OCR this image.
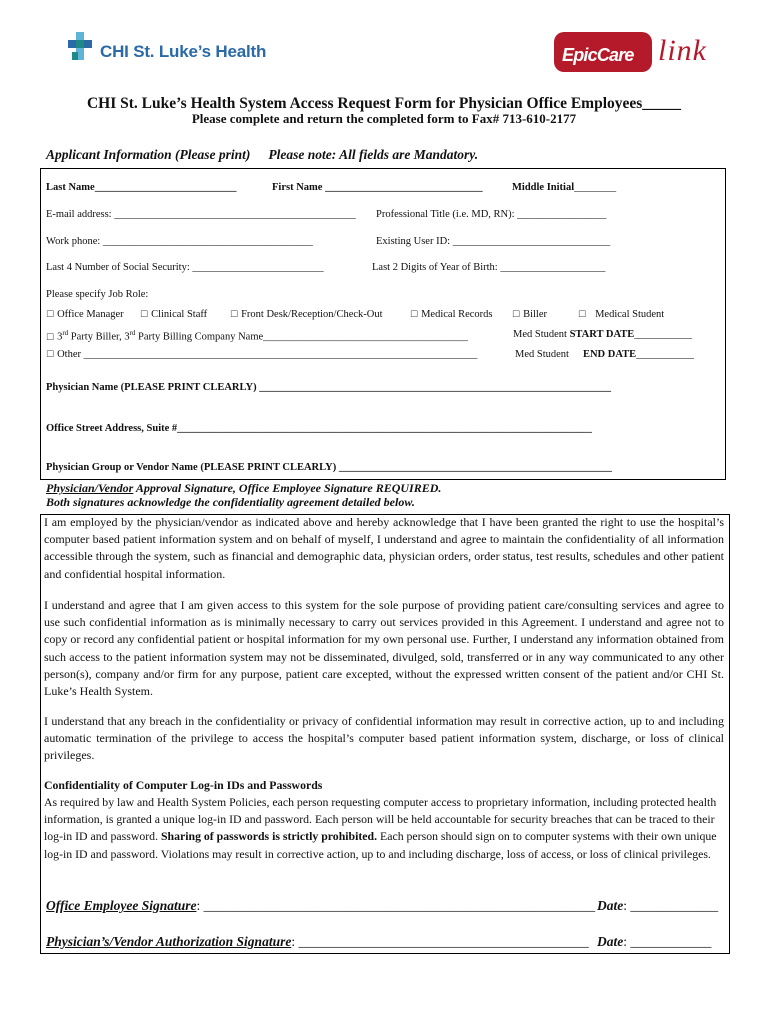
CHI St. Luke’s Health	EpicCare link
CHI St. Luke’s Health System Access Request Form for Physician Office Employees_____
Please complete and return the completed form to Fax# 713-610-2177
Applicant Information (Please print) Please note: All fields are Mandatory.
Last Name___________________________	First Name ______________________________	Middle Initial________
E-mail address: ______________________________________________ Professional Title (i.e. MD, RN): _________________
Work phone: ________________________________________	Existing User ID: ______________________________
Last 4 Number of Social Security: _________________________	Last 2 Digits of Year of Birth: ____________________
Please specify Job Role:
☐ Office Manager ☐ Clinical Staff	☐ Front Desk/Reception/Check-Out	☐ Medical Records ☐ Biller	☐ Medical Student
☐ 3rd Party Biller, 3rd Party Billing Company Name_______________________________________	Med Student START DATE___________
☐ Other ___________________________________________________________________________	Med Student END DATE___________
Physician Name (PLEASE PRINT CLEARLY) ___________________________________________________________________
Office Street Address, Suite #_______________________________________________________________________________
Physician Group or Vendor Name (PLEASE PRINT CLEARLY) ____________________________________________________
Physician/Vendor Approval Signature, Office Employee Signature REQUIRED.
Both signatures acknowledge the confidentiality agreement detailed below.
I am employed by the physician/vendor as indicated above and hereby acknowledge that I have been granted the right to use the hospital’s computer based patient information system and on behalf of myself, I understand and agree to maintain the confidentiality of all information accessible through the system, such as financial and demographic data, physician orders, order status, test results, schedules and other patient and confidential hospital information.
I understand and agree that I am given access to this system for the sole purpose of providing patient care/consulting services and agree to use such confidential information as is minimally necessary to carry out services provided in this Agreement. I understand and agree not to copy or record any confidential patient or hospital information for my own personal use. Further, I understand any information obtained from such access to the patient information system may not be disseminated, divulged, sold, transferred or in any way communicated to any other person(s), company and/or firm for any purpose, patient care excepted, without the expressed written consent of the patient and/or CHI St. Luke’s Health System.
I understand that any breach in the confidentiality or privacy of confidential information may result in corrective action, up to and including automatic termination of the privilege to access the hospital’s computer based patient information system, discharge, or loss of clinical privileges.
Confidentiality of Computer Log-in IDs and Passwords
As required by law and Health System Policies, each person requesting computer access to proprietary information, including protected health information, is granted a unique log-in ID and password. Each person will be held accountable for security breaches that can be traced to their log-in ID and password. Sharing of passwords is strictly prohibited. Each person should sign on to computer systems with their own unique log-in ID and password. Violations may result in corrective action, up to and including discharge, loss of access, or loss of clinical privileges.
Office Employee Signature: __________________________________________________________ Date: _____________
Physician’s/Vendor Authorization Signature: ___________________________________________ Date: ____________
